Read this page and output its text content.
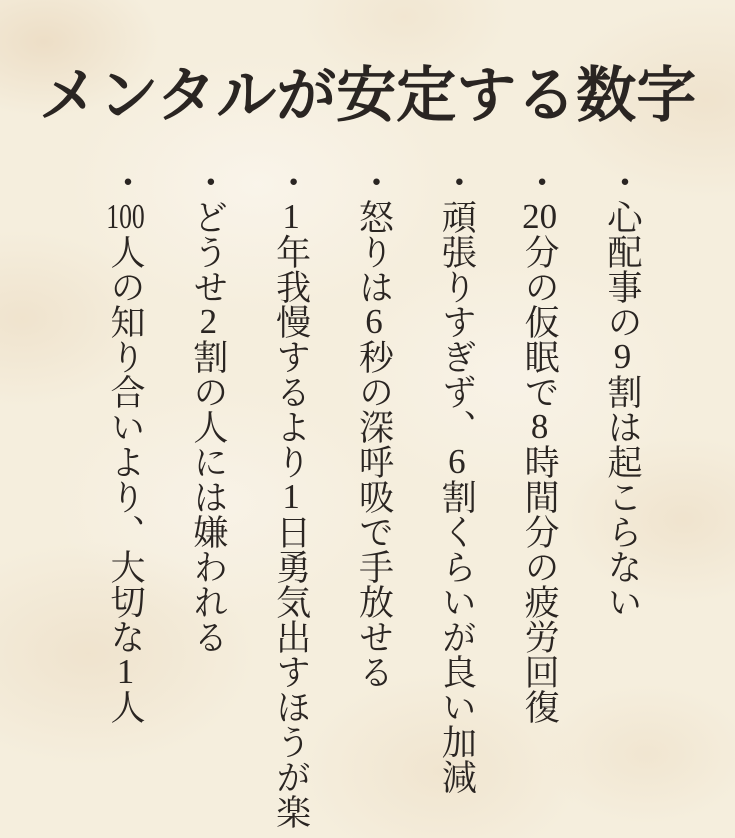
メンタルが安定する数字
・心配事の9割は起こらない
・20分の仮眠で8時間分の疲労回復
・頑張りすぎず、6割くらいが良い加減
・怒りは6秒の深呼吸で手放せる
・1年我慢するより1日勇気出すほうが楽
・どうせ2割の人には嫌われる
・100人の知り合いより、大切な1人
